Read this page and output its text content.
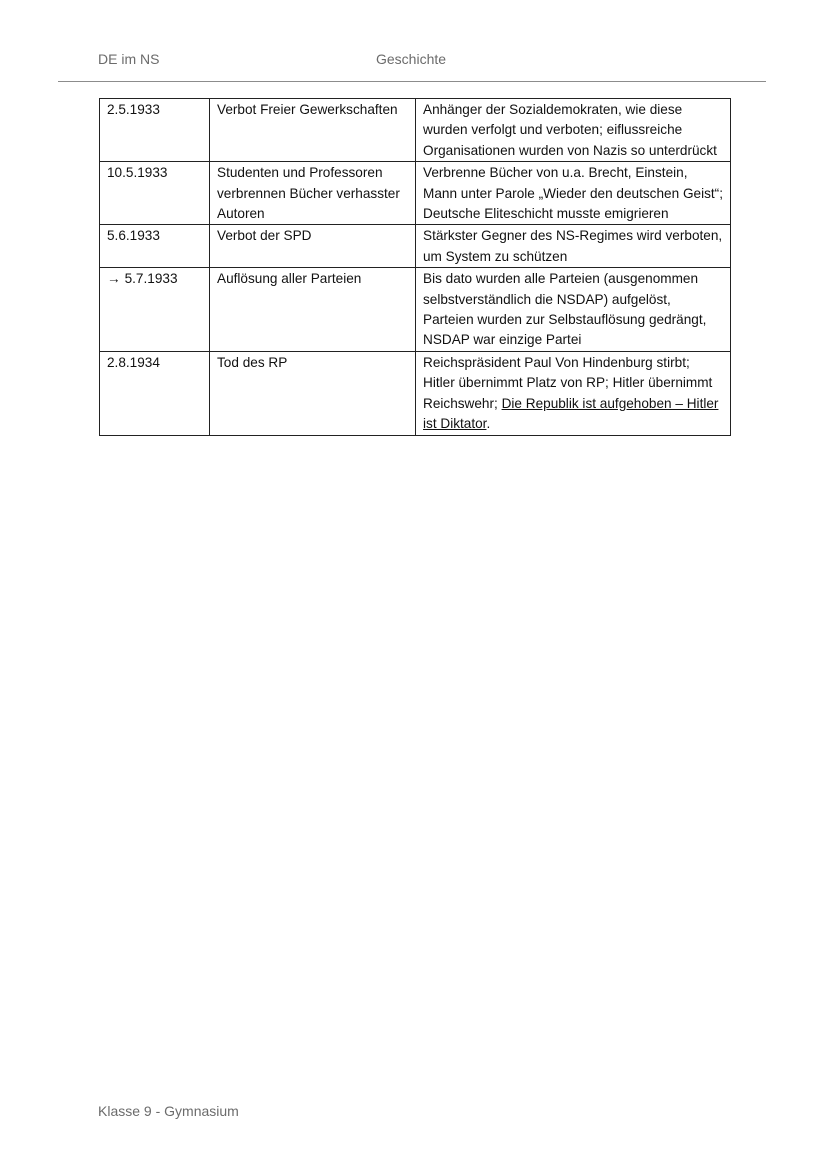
DE im NS	Geschichte
2.5.1933	Verbot Freier Gewerkschaften	Anhänger der Sozialdemokraten, wie diese wurden verfolgt und verboten; eiflussreiche Organisationen wurden von Nazis so unterdrückt
10.5.1933	Studenten und Professoren verbrennen Bücher verhasster Autoren	Verbrenne Bücher von u.a. Brecht, Einstein, Mann unter Parole „Wieder den deutschen Geist“; Deutsche Eliteschicht musste emigrieren
5.6.1933	Verbot der SPD	Stärkster Gegner des NS-Regimes wird verboten, um System zu schützen
→ 5.7.1933	Auflösung aller Parteien	Bis dato wurden alle Parteien (ausgenommen selbstverständlich die NSDAP) aufgelöst, Parteien wurden zur Selbstauflösung gedrängt, NSDAP war einzige Partei
2.8.1934	Tod des RP	Reichspräsident Paul Von Hindenburg stirbt; Hitler übernimmt Platz von RP; Hitler übernimmt Reichswehr; Die Republik ist aufgehoben – Hitler ist Diktator.
Klasse 9 - Gymnasium
